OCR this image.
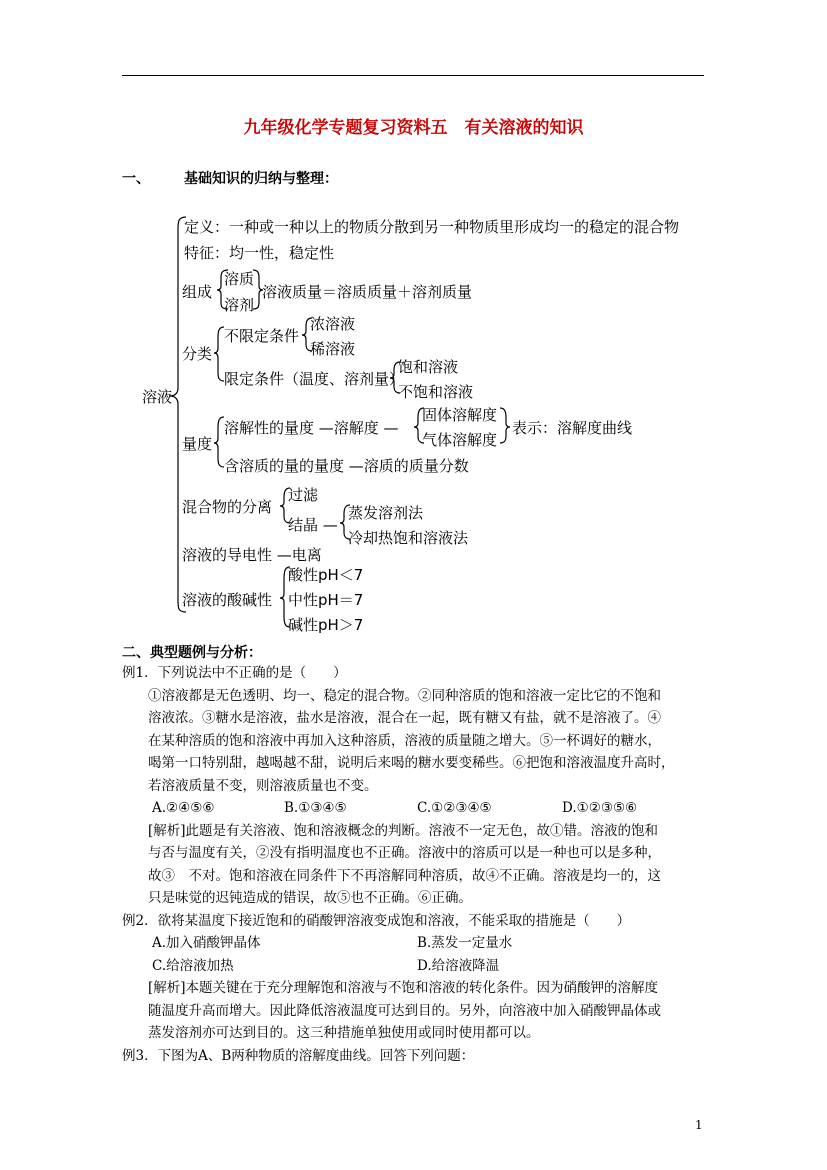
九年级化学专题复习资料五　有关溶液的知识
一、 基础知识的归纳与整理：
溶液
定义：一种或一种以上的物质分散到另一种物质里形成均一的稳定的混合物
特征：均一性，稳定性
组成
溶质
溶剂
溶液质量＝溶质质量＋溶剂质量
分类
不限定条件
浓溶液
稀溶液
限定条件（温度、溶剂量）
饱和溶液
不饱和溶液
量度
溶解性的量度 —溶解度 —
固体溶解度
气体溶解度
表示：溶解度曲线
含溶质的量的量度 —溶质的质量分数
混合物的分离
过滤
结晶 —
蒸发溶剂法
冷却热饱和溶液法
溶液的导电性 —电离
溶液的酸碱性
酸性pH＜7
中性pH＝7
碱性pH＞7
二、典型题例与分析：
例1．下列说法中不正确的是（　　）
①溶液都是无色透明、均一、稳定的混合物。②同种溶质的饱和溶液一定比它的不饱和
溶液浓。③糖水是溶液，盐水是溶液，混合在一起，既有糖又有盐，就不是溶液了。④
在某种溶质的饱和溶液中再加入这种溶质，溶液的质量随之增大。⑤一杯调好的糖水，
喝第一口特别甜，越喝越不甜，说明后来喝的糖水要变稀些。⑥把饱和溶液温度升高时，
若溶液质量不变，则溶液质量也不变。
A.②④⑤⑥	B.①③④⑤	C.①②③④⑤	D.①②③⑤⑥
[解析]此题是有关溶液、饱和溶液概念的判断。溶液不一定无色，故①错。溶液的饱和
与否与温度有关，②没有指明温度也不正确。溶液中的溶质可以是一种也可以是多种，
故③　不对。饱和溶液在同条件下不再溶解同种溶质，故④不正确。溶液是均一的，这
只是味觉的迟钝造成的错误，故⑤也不正确。⑥正确。
例2．欲将某温度下接近饱和的硝酸钾溶液变成饱和溶液，不能采取的措施是（　　）
A.加入硝酸钾晶体	B.蒸发一定量水
C.给溶液加热	D.给溶液降温
[解析]本题关键在于充分理解饱和溶液与不饱和溶液的转化条件。因为硝酸钾的溶解度
随温度升高而增大。因此降低溶液温度可达到目的。另外，向溶液中加入硝酸钾晶体或
蒸发溶剂亦可达到目的。这三种措施单独使用或同时使用都可以。
例3．下图为A、B两种物质的溶解度曲线。回答下列问题：
1
